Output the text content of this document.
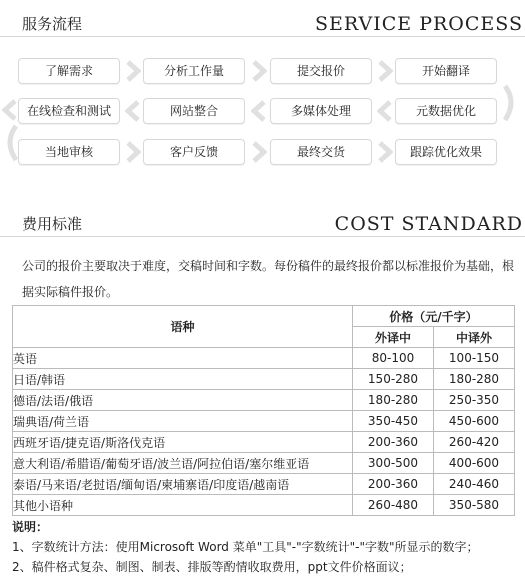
服务流程	SERVICE PROCESS
了解需求	分析工作量	提交报价	开始翻译
在线检查和测试	网站整合	多媒体处理	元数据优化
当地审核	客户反馈	最终交货	跟踪优化效果
费用标准	COST STANDARD
公司的报价主要取决于难度，交稿时间和字数。每份稿件的最终报价都以标准报价为基础，根据实际稿件报价。
语种	价格（元/千字）	
	外译中	中译外
英语	80-100	100-150
日语/韩语	150-280	180-280
德语/法语/俄语	180-280	250-350
瑞典语/荷兰语	350-450	450-600
西班牙语/捷克语/斯洛伐克语	200-360	260-420
意大利语/希腊语/葡萄牙语/波兰语/阿拉伯语/塞尔维亚语	300-500	400-600
泰语/马来语/老挝语/缅甸语/柬埔寨语/印度语/越南语	200-360	240-460
其他小语种	260-480	350-580
说明：
1、字数统计方法：使用Microsoft Word 菜单"工具"-"字数统计"-"字数"所显示的数字；
2、稿件格式复杂、制图、制表、排版等酌情收取费用，ppt文件价格面议；
